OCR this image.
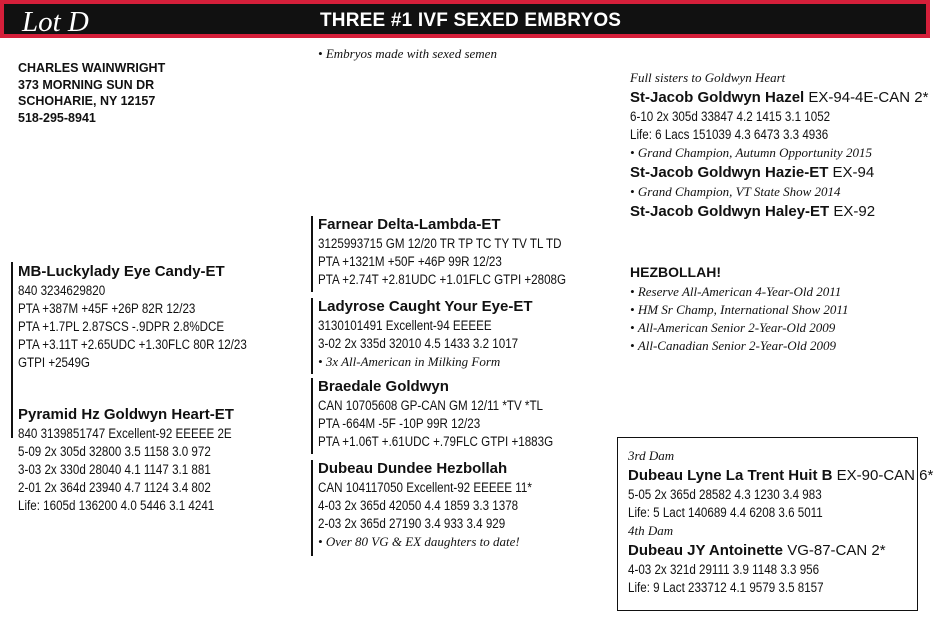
Lot D	THREE #1 IVF SEXED EMBRYOS
• Embryos made with sexed semen
CHARLES WAINWRIGHT
373 MORNING SUN DR
SCHOHARIE, NY 12157
518-295-8941
MB-Luckylady Eye Candy-ET
840 3234629820
PTA +387M +45F +26P 82R 12/23
PTA +1.7PL 2.87SCS -.9DPR 2.8%DCE
PTA +3.11T +2.65UDC +1.30FLC 80R 12/23
GTPI +2549G
Pyramid Hz Goldwyn Heart-ET
840 3139851747 Excellent-92 EEEEE 2E
5-09 2x 305d 32800 3.5 1158 3.0 972
3-03 2x 330d 28040 4.1 1147 3.1 881
2-01 2x 364d 23940 4.7 1124 3.4 802
Life: 1605d 136200 4.0 5446 3.1 4241
Farnear Delta-Lambda-ET
3125993715 GM 12/20 TR TP TC TY TV TL TD
PTA +1321M +50F +46P 99R 12/23
PTA +2.74T +2.81UDC +1.01FLC GTPI +2808G
Ladyrose Caught Your Eye-ET
3130101491 Excellent-94 EEEEE
3-02 2x 335d 32010 4.5 1433 3.2 1017
• 3x All-American in Milking Form
Braedale Goldwyn
CAN 10705608 GP-CAN GM 12/11 *TV *TL
PTA -664M -5F -10P 99R 12/23
PTA +1.06T +.61UDC +.79FLC GTPI +1883G
Dubeau Dundee Hezbollah
CAN 104117050 Excellent-92 EEEEE 11*
4-03 2x 365d 42050 4.4 1859 3.3 1378
2-03 2x 365d 27190 3.4 933 3.4 929
• Over 80 VG & EX daughters to date!
Full sisters to Goldwyn Heart
St-Jacob Goldwyn Hazel EX-94-4E-CAN 2*
6-10 2x 305d 33847 4.2 1415 3.1 1052
Life: 6 Lacs 151039 4.3 6473 3.3 4936
• Grand Champion, Autumn Opportunity 2015
St-Jacob Goldwyn Hazie-ET EX-94
• Grand Champion, VT State Show 2014
St-Jacob Goldwyn Haley-ET EX-92
HEZBOLLAH!
• Reserve All-American 4-Year-Old 2011
• HM Sr Champ, International Show 2011
• All-American Senior 2-Year-Old 2009
• All-Canadian Senior 2-Year-Old 2009
3rd Dam
Dubeau Lyne La Trent Huit B EX-90-CAN 6*
5-05 2x 365d 28582 4.3 1230 3.4 983
Life: 5 Lact 140689 4.4 6208 3.6 5011
4th Dam
Dubeau JY Antoinette VG-87-CAN 2*
4-03 2x 321d 29111 3.9 1148 3.3 956
Life: 9 Lact 233712 4.1 9579 3.5 8157
